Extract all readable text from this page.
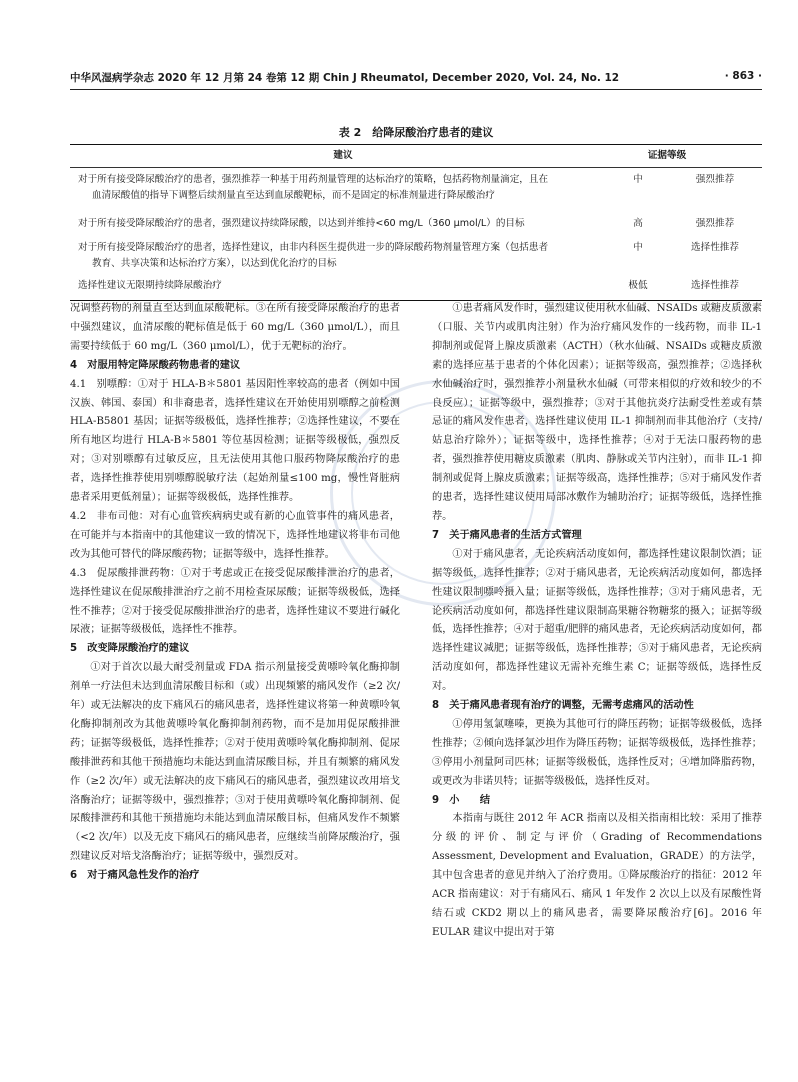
中华风湿病学杂志 2020 年 12 月第 24 卷第 12 期 Chin J Rheumatol, December 2020, Vol. 24, No. 12	· 863 ·
表 2　给降尿酸治疗患者的建议
建议	证据等级
对于所有接受降尿酸治疗的患者，强烈推荐一种基于用药剂量管理的达标治疗的策略，包括药物剂量滴定，且在
血清尿酸值的指导下调整后续剂量直至达到血尿酸靶标，而不是固定的标准剂量进行降尿酸治疗
中	强烈推荐
对于所有接受降尿酸治疗的患者，强烈建议持续降尿酸，以达到并维持<60 mg/L（360 μmol/L）的目标	高	强烈推荐
对于所有接受降尿酸治疗的患者，选择性建议，由非内科医生提供进一步的降尿酸药物剂量管理方案（包括患者
教育、共享决策和达标治疗方案），以达到优化治疗的目标
中	选择性推荐
选择性建议无限期持续降尿酸治疗	极低	选择性推荐

况调整药物的剂量直至达到血尿酸靶标。③在所有接受降尿酸治疗的患者中强烈建议，血清尿酸的靶标值是低于 60 mg/L（360 μmol/L），而且需要持续低于 60 mg/L（360 μmol/L），优于无靶标的治疗。

4　对服用特定降尿酸药物患者的建议

4.1　别嘌醇：①对于 HLA-B＊5801 基因阳性率较高的患者（例如中国汉族、韩国、泰国）和非裔患者，选择性建议在开始使用别嘌醇之前检测 HLA-B5801 基因；证据等级极低，选择性推荐；②选择性建议，不要在所有地区均进行 HLA-B＊5801 等位基因检测；证据等级极低，强烈反对；③对别嘌醇有过敏反应，且无法使用其他口服药物降尿酸治疗的患者，选择性推荐使用别嘌醇脱敏疗法（起始剂量≤100 mg，慢性肾脏病患者采用更低剂量）；证据等级极低，选择性推荐。

4.2　非布司他：对有心血管疾病病史或有新的心血管事件的痛风患者，在可能并与本指南中的其他建议一致的情况下，选择性地建议将非布司他改为其他可替代的降尿酸药物；证据等级中，选择性推荐。

4.3　促尿酸排泄药物：①对于考虑或正在接受促尿酸排泄治疗的患者，选择性建议在促尿酸排泄治疗之前不用检查尿尿酸；证据等级极低，选择性不推荐；②对于接受促尿酸排泄治疗的患者，选择性建议不要进行碱化尿液；证据等级极低，选择性不推荐。

5　改变降尿酸治疗的建议

①对于首次以最大耐受剂量或 FDA 指示剂量接受黄嘌呤氧化酶抑制剂单一疗法但未达到血清尿酸目标和（或）出现频繁的痛风发作（≥2 次/年）或无法解决的皮下痛风石的痛风患者，选择性建议将第一种黄嘌呤氧化酶抑制剂改为其他黄嘌呤氧化酶抑制剂药物，而不是加用促尿酸排泄药；证据等级极低，选择性推荐；②对于使用黄嘌呤氧化酶抑制剂、促尿酸排泄药和其他干预措施均未能达到血清尿酸目标，并且有频繁的痛风发作（≥2 次/年）或无法解决的皮下痛风石的痛风患者，强烈建议改用培戈洛酶治疗；证据等级中，强烈推荐；③对于使用黄嘌呤氧化酶抑制剂、促尿酸排泄药和其他干预措施均未能达到血清尿酸目标，但痛风发作不频繁（<2 次/年）以及无皮下痛风石的痛风患者，应继续当前降尿酸治疗，强烈建议反对培戈洛酶治疗；证据等级中，强烈反对。

6　对于痛风急性发作的治疗

①患者痛风发作时，强烈建议使用秋水仙碱、NSAIDs 或糖皮质激素（口服、关节内或肌肉注射）作为治疗痛风发作的一线药物，而非 IL-1 抑制剂或促肾上腺皮质激素（ACTH）（秋水仙碱、NSAIDs 或糖皮质激素的选择应基于患者的个体化因素）；证据等级高，强烈推荐；②选择秋水仙碱治疗时，强烈推荐小剂量秋水仙碱（可带来相似的疗效和较少的不良反应）；证据等级中，强烈推荐；③对于其他抗炎疗法耐受性差或有禁忌证的痛风发作患者，选择性建议使用 IL-1 抑制剂而非其他治疗（支持/姑息治疗除外）；证据等级中，选择性推荐；④对于无法口服药物的患者，强烈推荐使用糖皮质激素（肌肉、静脉或关节内注射），而非 IL-1 抑制剂或促肾上腺皮质激素；证据等级高，选择性推荐；⑤对于痛风发作者的患者，选择性建议使用局部冰敷作为辅助治疗；证据等级低，选择性推荐。

7　关于痛风患者的生活方式管理

①对于痛风患者，无论疾病活动度如何，都选择性建议限制饮酒；证据等级低，选择性推荐；②对于痛风患者，无论疾病活动度如何，都选择性建议限制嘌呤摄入量；证据等级低，选择性推荐；③对于痛风患者，无论疾病活动度如何，都选择性建议限制高果糖谷物糖浆的摄入；证据等级低，选择性推荐；④对于超重/肥胖的痛风患者，无论疾病活动度如何，都选择性建议减肥；证据等级低，选择性推荐；⑤对于痛风患者，无论疾病活动度如何，都选择性建议无需补充维生素 C；证据等级低，选择性反对。

8　关于痛风患者现有治疗的调整，无需考虑痛风的活动性

①停用氢氯噻嗪，更换为其他可行的降压药物；证据等级极低，选择性推荐；②倾向选择氯沙坦作为降压药物；证据等级极低，选择性推荐；③停用小剂量阿司匹林；证据等级极低，选择性反对；④增加降脂药物，或更改为非诺贝特；证据等级极低，选择性反对。

9　小　　结

本指南与既往 2012 年 ACR 指南以及相关指南相比较：采用了推荐分级的评价、制定与评价（Grading of Recommendations Assessment, Development and Evaluation，GRADE）的方法学，其中包含患者的意见并纳入了治疗费用。①降尿酸治疗的指征：2012 年 ACR 指南建议：对于有痛风石、痛风 1 年发作 2 次以上以及有尿酸性肾结石或 CKD2 期以上的痛风患者，需要降尿酸治疗[6]。2016 年 EULAR 建议中提出对于第
